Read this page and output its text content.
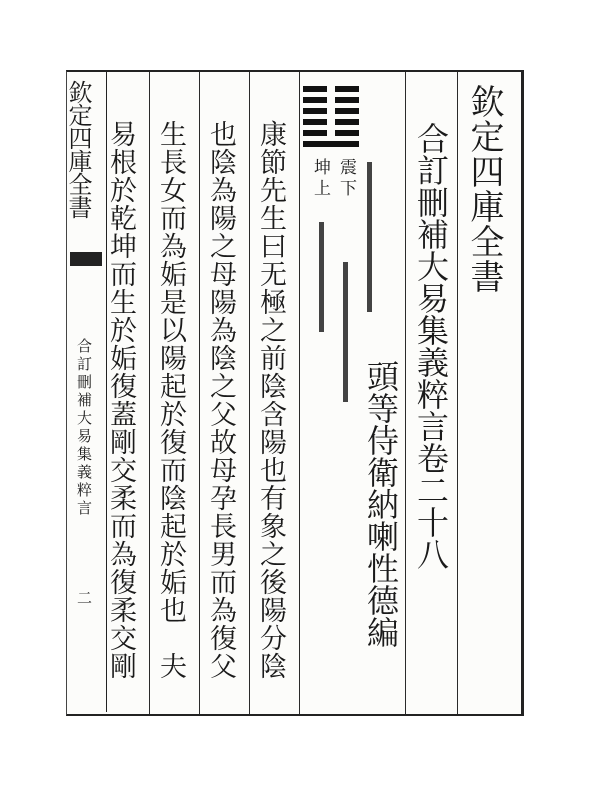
欽定四庫全書
合訂刪補大易集義粹言卷二十八
頭等侍衛納喇性德編
震下
坤上
康節先生曰无極之前陰含陽也有象之後陽分陰
也陰為陽之母陽為陰之父故母孕長男而為復父
生長女而為姤是以陽起於復而陰起於姤也　夫
易根於乾坤而生於姤復蓋剛交柔而為復柔交剛
欽定四庫全書
合訂刪補大易集義粹言
二
